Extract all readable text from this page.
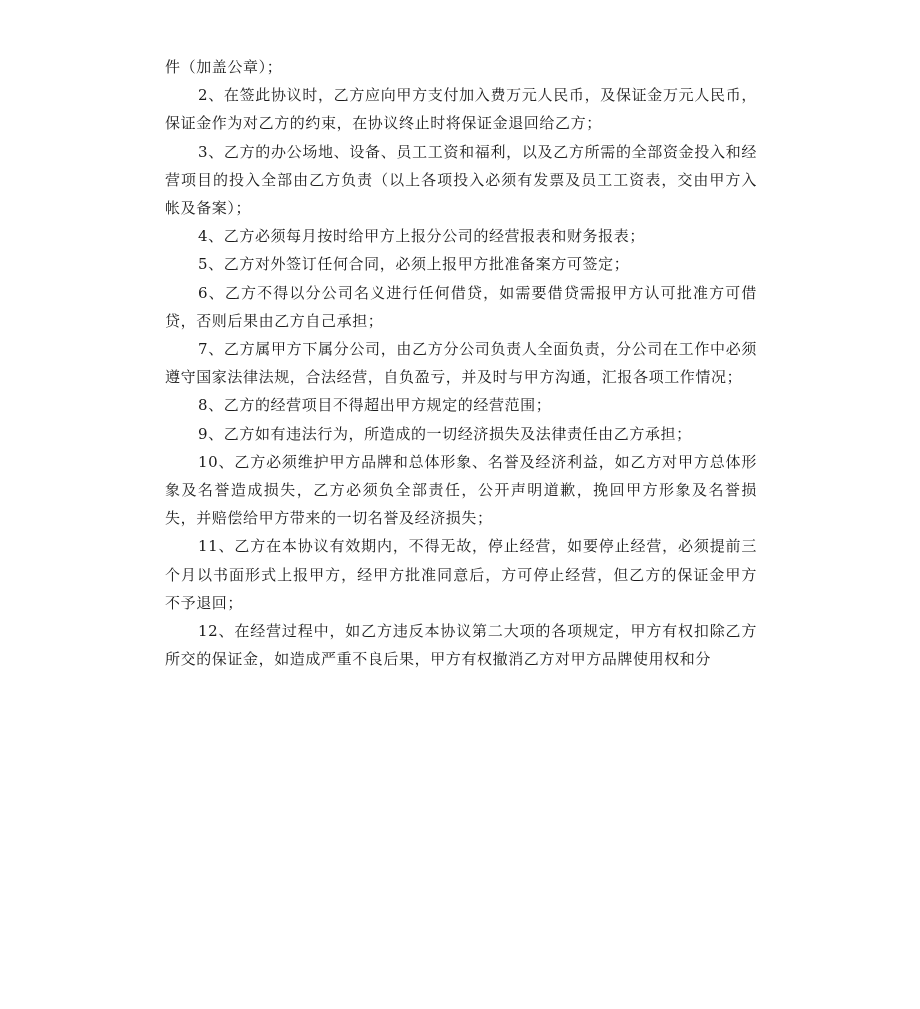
件（加盖公章）；

2、在签此协议时，乙方应向甲方支付加入费万元人民币，及保证金万元人民币，保证金作为对乙方的约束，在协议终止时将保证金退回给乙方；

3、乙方的办公场地、设备、员工工资和福利，以及乙方所需的全部资金投入和经营项目的投入全部由乙方负责（以上各项投入必须有发票及员工工资表，交由甲方入帐及备案）；

4、乙方必须每月按时给甲方上报分公司的经营报表和财务报表；

5、乙方对外签订任何合同，必须上报甲方批准备案方可签定；

6、乙方不得以分公司名义进行任何借贷，如需要借贷需报甲方认可批准方可借贷，否则后果由乙方自己承担；

7、乙方属甲方下属分公司，由乙方分公司负责人全面负责，分公司在工作中必须遵守国家法律法规，合法经营，自负盈亏，并及时与甲方沟通，汇报各项工作情况；

8、乙方的经营项目不得超出甲方规定的经营范围；

9、乙方如有违法行为，所造成的一切经济损失及法律责任由乙方承担；

10、乙方必须维护甲方品牌和总体形象、名誉及经济利益，如乙方对甲方总体形象及名誉造成损失，乙方必须负全部责任，公开声明道歉，挽回甲方形象及名誉损失，并赔偿给甲方带来的一切名誉及经济损失；

11、乙方在本协议有效期内，不得无故，停止经营，如要停止经营，必须提前三个月以书面形式上报甲方，经甲方批准同意后，方可停止经营，但乙方的保证金甲方不予退回；

12、在经营过程中，如乙方违反本协议第二大项的各项规定，甲方有权扣除乙方所交的保证金，如造成严重不良后果，甲方有权撤消乙方对甲方品牌使用权和分
